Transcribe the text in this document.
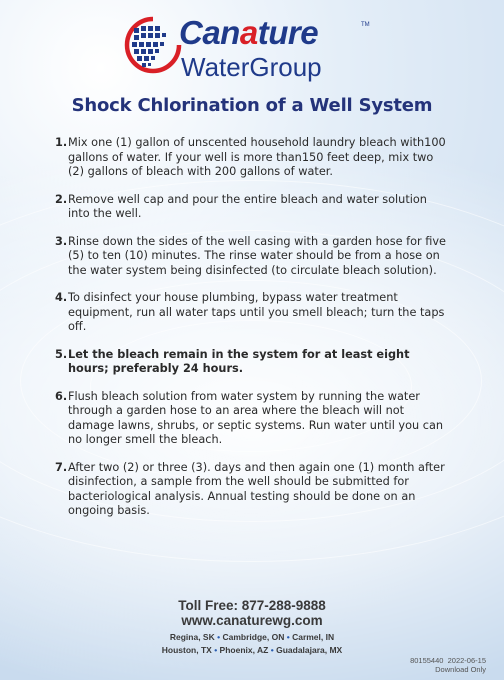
Canature	TM
WaterGroup
Shock Chlorination of a Well System
1. Mix one (1) gallon of unscented household laundry bleach with100 gallons of water. If your well is more than150 feet deep, mix two (2) gallons of bleach with 200 gallons of water.
2. Remove well cap and pour the entire bleach and water solution into the well.
3. Rinse down the sides of the well casing with a garden hose for five (5) to ten (10) minutes. The rinse water should be from a hose on the water system being disinfected (to circulate bleach solution).
4. To disinfect your house plumbing, bypass water treatment equipment, run all water taps until you smell bleach; turn the taps off.
5. Let the bleach remain in the system for at least eight hours; preferably 24 hours.
6. Flush bleach solution from water system by running the water through a garden hose to an area where the bleach will not damage lawns, shrubs, or septic systems. Run water until you can no longer smell the bleach.
7. After two (2) or three (3). days and then again one (1) month after disinfection, a sample from the well should be submitted for bacteriological analysis. Annual testing should be done on an ongoing basis.
Toll Free: 877-288-9888
www.canaturewg.com
Regina, SK • Cambridge, ON • Carmel, IN
Houston, TX • Phoenix, AZ • Guadalajara, MX
80155440 2022-06-15
Download Only
